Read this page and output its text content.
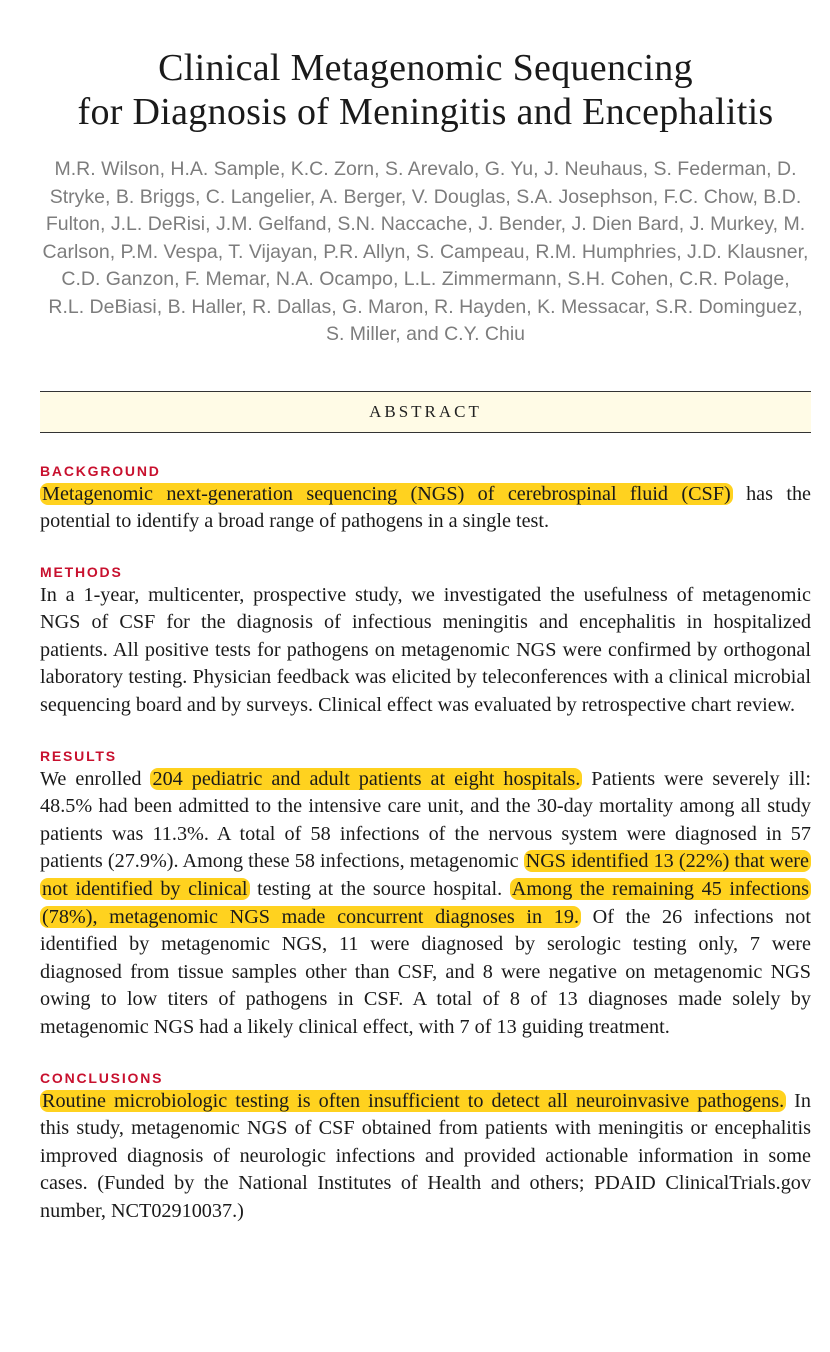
Clinical Metagenomic Sequencing
for Diagnosis of Meningitis and Encephalitis
M.R. Wilson, H.A. Sample, K.C. Zorn, S. Arevalo, G. Yu, J. Neuhaus, S. Federman, D. Stryke, B. Briggs, C. Langelier, A. Berger, V. Douglas, S.A. Josephson, F.C. Chow, B.D. Fulton, J.L. DeRisi, J.M. Gelfand, S.N. Naccache, J. Bender, J. Dien Bard, J. Murkey, M. Carlson, P.M. Vespa, T. Vijayan, P.R. Allyn, S. Campeau, R.M. Humphries, J.D. Klausner, C.D. Ganzon, F. Memar, N.A. Ocampo, L.L. Zimmermann, S.H. Cohen, C.R. Polage, R.L. DeBiasi, B. Haller, R. Dallas, G. Maron, R. Hayden, K. Messacar, S.R. Dominguez, S. Miller, and C.Y. Chiu
ABSTRACT
BACKGROUND

Metagenomic next-generation sequencing (NGS) of cerebrospinal fluid (CSF) has the potential to identify a broad range of pathogens in a single test.

METHODS

In a 1-year, multicenter, prospective study, we investigated the usefulness of metagenomic NGS of CSF for the diagnosis of infectious meningitis and encephalitis in hospitalized patients. All positive tests for pathogens on metagenomic NGS were confirmed by orthogonal laboratory testing. Physician feedback was elicited by teleconferences with a clinical microbial sequencing board and by surveys. Clinical effect was evaluated by retrospective chart review.

RESULTS

We enrolled 204 pediatric and adult patients at eight hospitals. Patients were severely ill: 48.5% had been admitted to the intensive care unit, and the 30-day mortality among all study patients was 11.3%. A total of 58 infections of the nervous system were diagnosed in 57 patients (27.9%). Among these 58 infections, metagenomic NGS identified 13 (22%) that were not identified by clinical testing at the source hospital. Among the remaining 45 infections (78%), metagenomic NGS made concurrent diagnoses in 19. Of the 26 infections not identified by metagenomic NGS, 11 were diagnosed by serologic testing only, 7 were diagnosed from tissue samples other than CSF, and 8 were negative on metagenomic NGS owing to low titers of pathogens in CSF. A total of 8 of 13 diagnoses made solely by metagenomic NGS had a likely clinical effect, with 7 of 13 guiding treatment.

CONCLUSIONS

Routine microbiologic testing is often insufficient to detect all neuroinvasive pathogens. In this study, metagenomic NGS of CSF obtained from patients with meningitis or encephalitis improved diagnosis of neurologic infections and provided actionable information in some cases. (Funded by the National Institutes of Health and others; PDAID ClinicalTrials.gov number, NCT02910037.)
